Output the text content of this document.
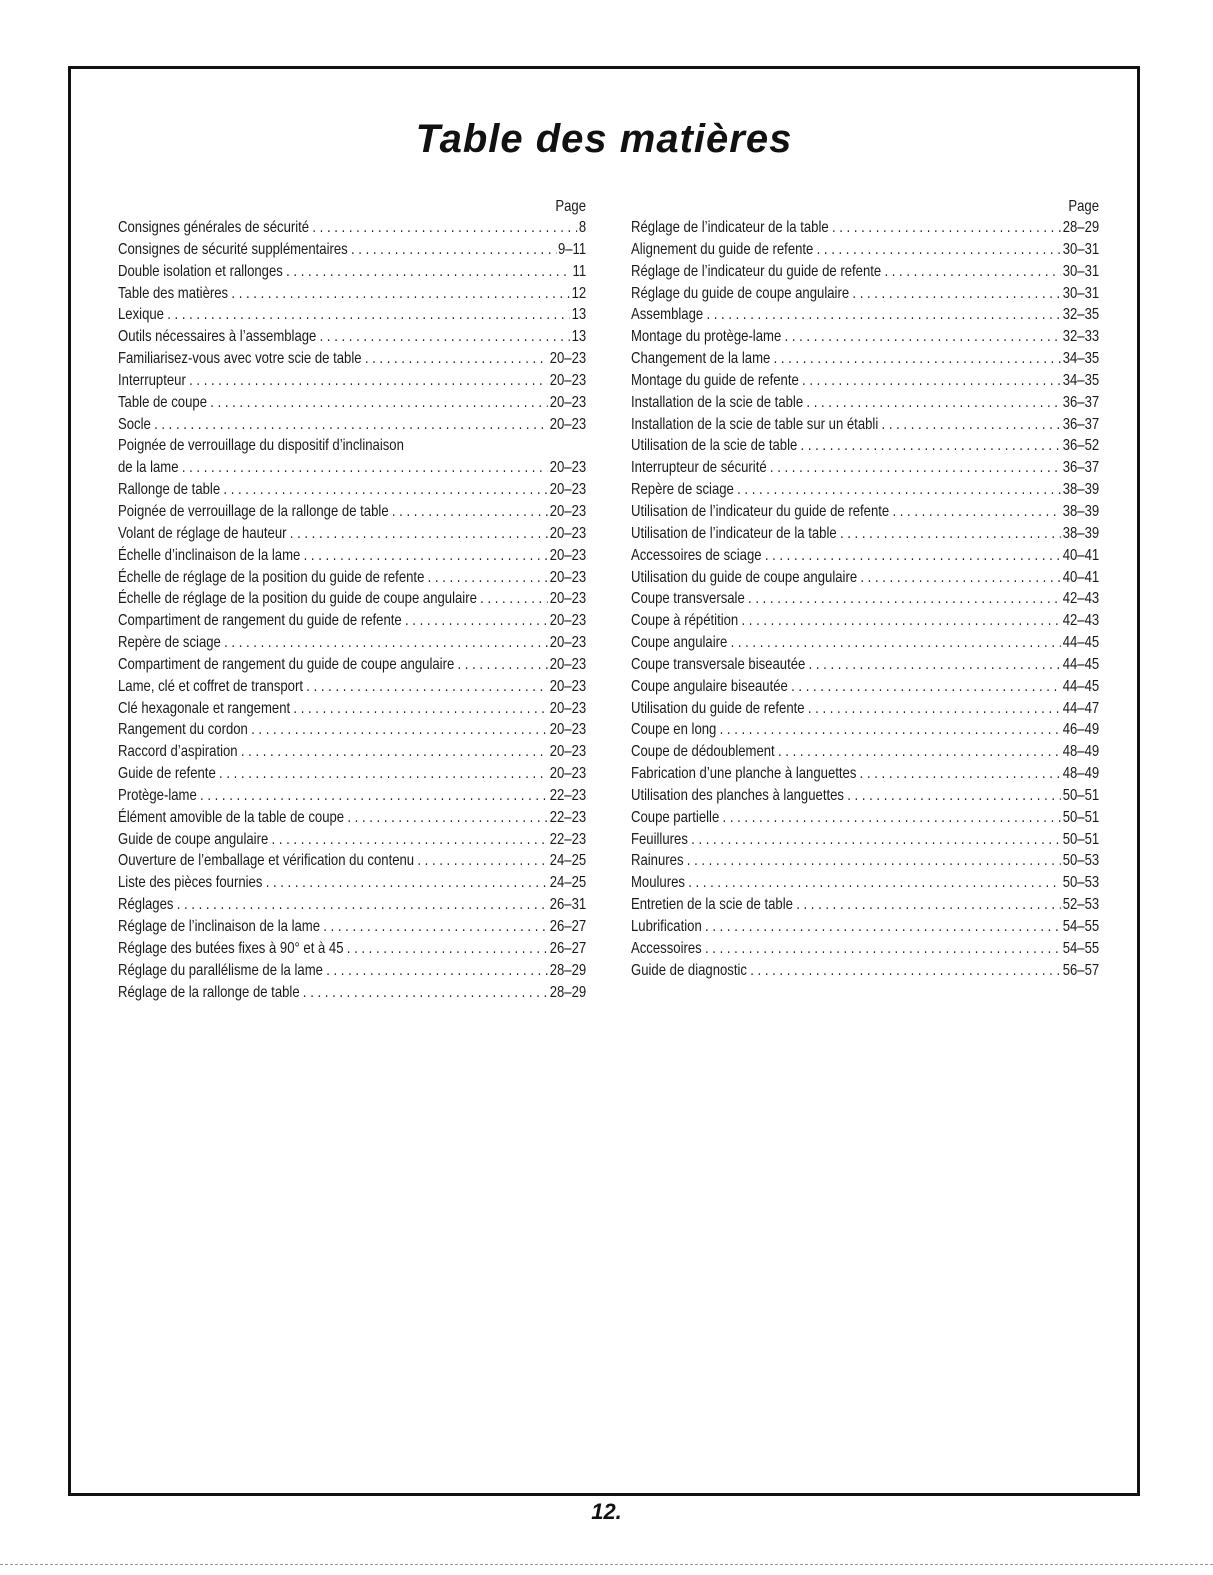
Table des matières
Page
Consignes générales de sécurité . . .	8
Consignes de sécurité supplémentaires . . .	9–11
Double isolation et rallonges . . .	11
Table des matières . . .	12
Lexique . . .	13
Outils nécessaires à l’assemblage . . .	13
Familiarisez-vous avec votre scie de table . . .	20–23
Interrupteur . . .	20–23
Table de coupe . . .	20–23
Socle . . .	20–23
Poignée de verrouillage du dispositif d’inclinaison
de la lame . . .	20–23
Rallonge de table . . .	20–23
Poignée de verrouillage de la rallonge de table . . .	20–23
Volant de réglage de hauteur . . .	20–23
Échelle d’inclinaison de la lame . . .	20–23
Échelle de réglage de la position du guide de refente . . .	20–23
Échelle de réglage de la position du guide de coupe angulaire . . .	20–23
Compartiment de rangement du guide de refente . . .	20–23
Repère de sciage . . .	20–23
Compartiment de rangement du guide de coupe angulaire . . .	20–23
Lame, clé et coffret de transport . . .	20–23
Clé hexagonale et rangement . . .	20–23
Rangement du cordon . . .	20–23
Raccord d’aspiration . . .	20–23
Guide de refente . . .	20–23
Protège-lame . . .	22–23
Élément amovible de la table de coupe . . .	22–23
Guide de coupe angulaire . . .	22–23
Ouverture de l’emballage et vérification du contenu . . .	24–25
Liste des pièces fournies . . .	24–25
Réglages . . .	26–31
Réglage de l’inclinaison de la lame . . .	26–27
Réglage des butées fixes à 90° et à 45 . . .	26–27
Réglage du parallélisme de la lame . . .	28–29
Réglage de la rallonge de table . . .	28–29
Page
Réglage de l’indicateur de la table . . .	28–29
Alignement du guide de refente . . .	30–31
Réglage de l’indicateur du guide de refente . . .	30–31
Réglage du guide de coupe angulaire . . .	30–31
Assemblage . . .	32–35
Montage du protège-lame . . .	32–33
Changement de la lame . . .	34–35
Montage du guide de refente . . .	34–35
Installation de la scie de table . . .	36–37
Installation de la scie de table sur un établi . . .	36–37
Utilisation de la scie de table . . .	36–52
Interrupteur de sécurité . . .	36–37
Repère de sciage . . .	38–39
Utilisation de l’indicateur du guide de refente . . .	38–39
Utilisation de l’indicateur de la table . . .	38–39
Accessoires de sciage . . .	40–41
Utilisation du guide de coupe angulaire . . .	40–41
Coupe transversale . . .	42–43
Coupe à répétition . . .	42–43
Coupe angulaire . . .	44–45
Coupe transversale biseautée . . .	44–45
Coupe angulaire biseautée . . .	44–45
Utilisation du guide de refente . . .	44–47
Coupe en long . . .	46–49
Coupe de dédoublement . . .	48–49
Fabrication d’une planche à languettes . . .	48–49
Utilisation des planches à languettes . . .	50–51
Coupe partielle . . .	50–51
Feuillures . . .	50–51
Rainures . . .	50–53
Moulures . . .	50–53
Entretien de la scie de table . . .	52–53
Lubrification . . .	54–55
Accessoires . . .	54–55
Guide de diagnostic . . .	56–57
12.
